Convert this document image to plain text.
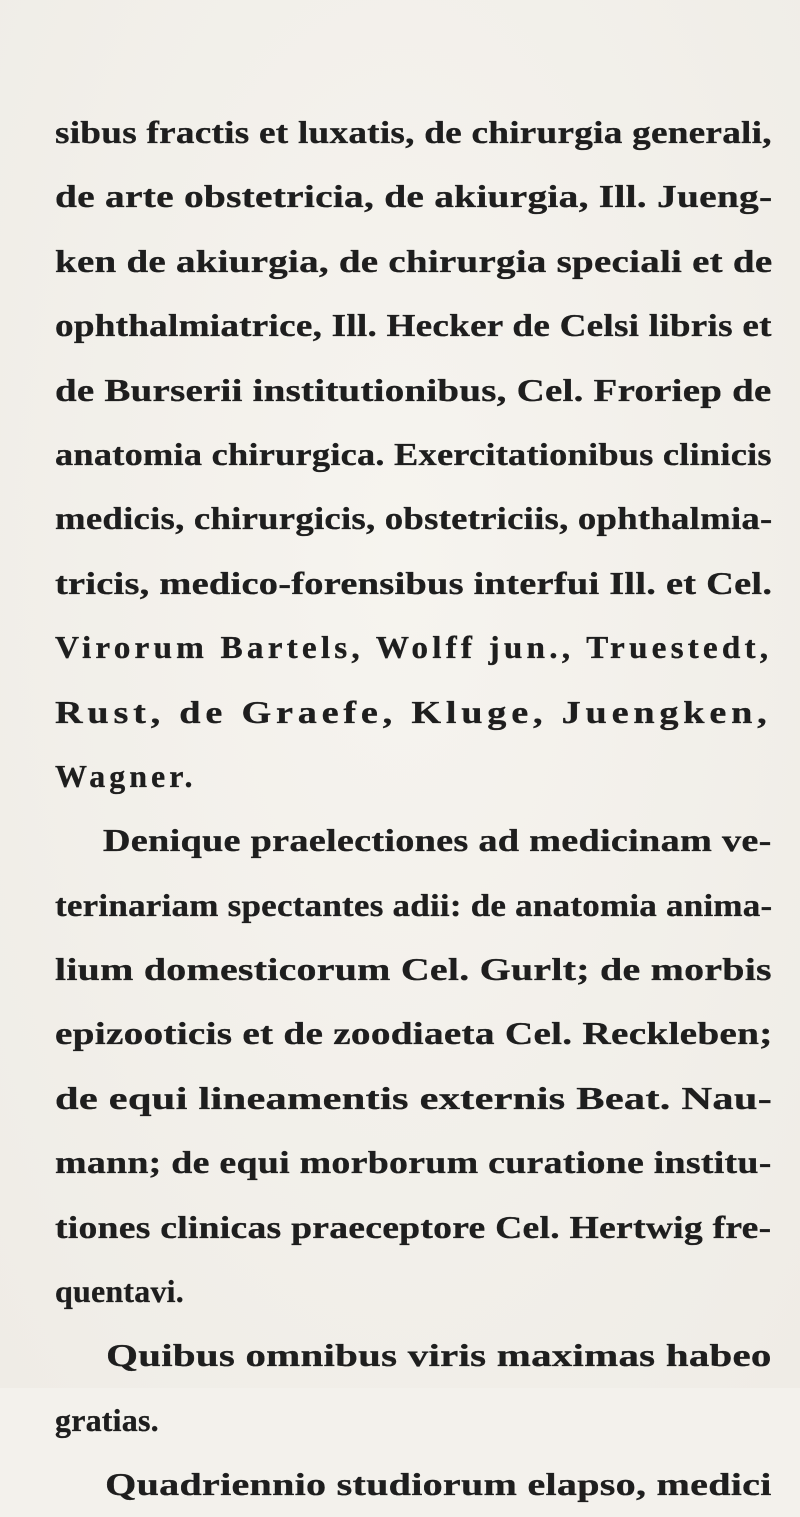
sibus fractis et luxatis, de chirurgia generali,
de arte obstetricia, de akiurgia, Ill. Jueng-
ken de akiurgia, de chirurgia speciali et de
ophthalmiatrice, Ill. Hecker de Celsi libris et
de Burserii institutionibus, Cel. Froriep de
anatomia chirurgica. Exercitationibus clinicis
medicis, chirurgicis, obstetriciis, ophthalmia-
tricis, medico-forensibus interfui Ill. et Cel.
Virorum Bartels, Wolff jun., Truestedt,
Rust, de Graefe, Kluge, Juengken,
Wagner.
Denique praelectiones ad medicinam ve-
terinariam spectantes adii: de anatomia anima-
lium domesticorum Cel. Gurlt; de morbis
epizooticis et de zoodiaeta Cel. Reckleben;
de equi lineamentis externis Beat. Nau-
mann; de equi morborum curatione institu-
tiones clinicas praeceptore Cel. Hertwig fre-
quentavi.
Quibus omnibus viris maximas habeo
gratias.
Quadriennio studiorum elapso, medici
